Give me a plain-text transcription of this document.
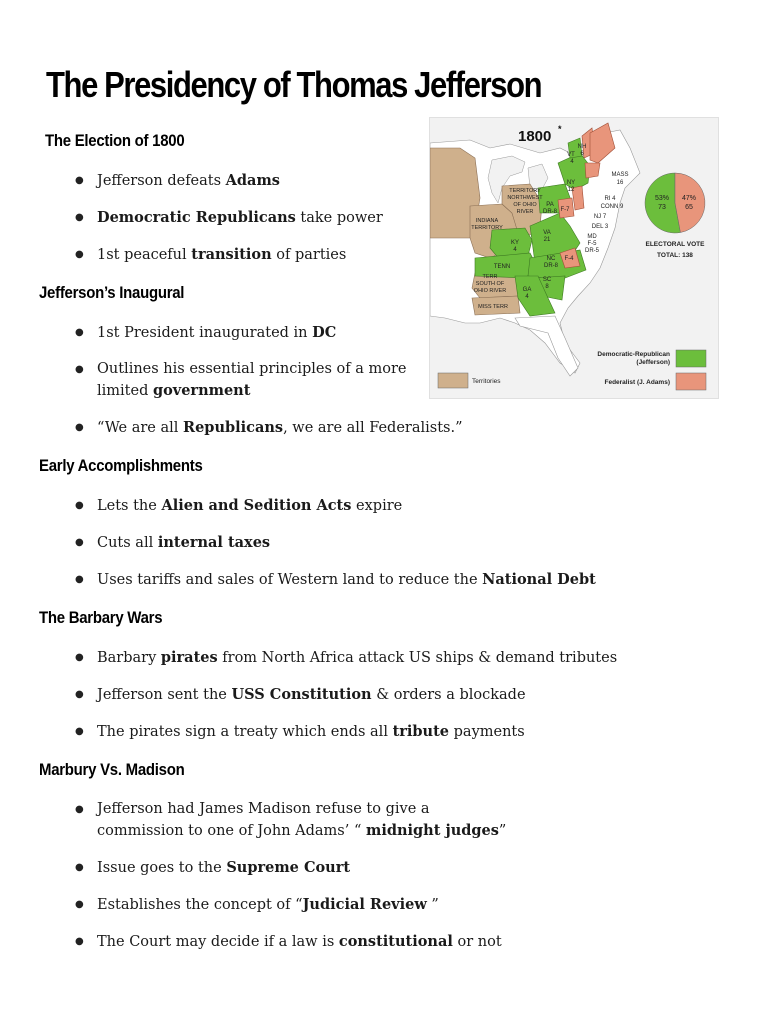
The Presidency of Thomas Jefferson
The Election of 1800
● Jefferson defeats Adams
● Democratic Republicans take power
● 1st peaceful transition of parties
Jefferson’s Inaugural
● 1st President inaugurated in DC
● Outlines his essential principles of a more
limited government
● “We are all Republicans, we are all Federalists.”
Early Accomplishments
● Lets the Alien and Sedition Acts expire
● Cuts all internal taxes
● Uses tariffs and sales of Western land to reduce the National Debt
The Barbary Wars
● Barbary pirates from North Africa attack US ships & demand tributes
● Jefferson sent the USS Constitution & orders a blockade
● The pirates sign a treaty which ends all tribute payments
Marbury Vs. Madison
● Jefferson had James Madison refuse to give a
commission to one of John Adams’ “ midnight judges”
● Issue goes to the Supreme Court
● Establishes the concept of “Judicial Review ”
● The Court may decide if a law is constitutional or not
1800 *
VT
4
NH
6
MASS
16
NY
12
RI 4
CONN 9
NJ 7
DEL 3
MD
F-5
DR-5
PA
DR-8 F-7
KY
4
VA
21
TENN
NC
DR-8
F-4
SC
8
GA
4
TERRITORY
NORTHWEST
OF OHIO
RIVER
INDIANA
TERRITORY
TERR
SOUTH OF
OHIO RIVER
MISS TERR
53%
73
47%
65
ELECTORAL VOTE
TOTAL: 138
Democratic-Republican
(Jefferson)
Federalist (J. Adams)
Territories
